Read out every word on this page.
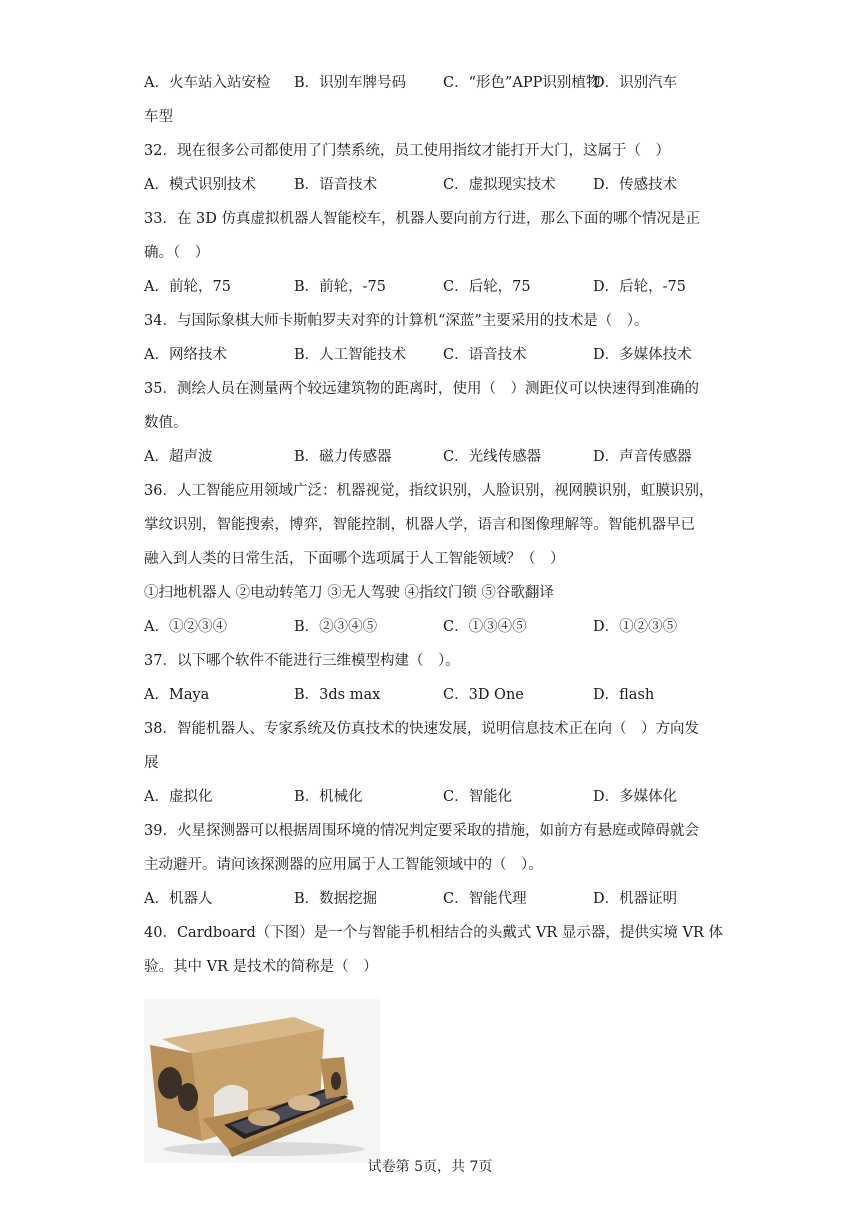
A．火车站入站安检 B．识别车牌号码	C．“形色”APP识别植物
D．识别汽车
车型
32．现在很多公司都使用了门禁系统，员工使用指纹才能打开大门，这属于（　）
A．模式识别技术	B．语音技术	C．虚拟现实技术	D．传感技术
33．在 3D 仿真虚拟机器人智能校车，机器人要向前方行进，那么下面的哪个情况是正
确。（　）
A．前轮，75	B．前轮，-75	C．后轮，75	D．后轮，-75
34．与国际象棋大师卡斯帕罗夫对弈的计算机“深蓝”主要采用的技术是（　）。
A．网络技术	B．人工智能技术	C．语音技术	D．多媒体技术
35．测绘人员在测量两个较远建筑物的距离时，使用（　）测距仪可以快速得到准确的
数值。
A．超声波	B．磁力传感器	C．光线传感器	D．声音传感器
36．人工智能应用领域广泛：机器视觉，指纹识别，人脸识别，视网膜识别，虹膜识别，
掌纹识别，智能搜索，博弈，智能控制，机器人学，语言和图像理解等。智能机器早已
融入到人类的日常生活，下面哪个选项属于人工智能领域？（　）
①扫地机器人 ②电动转笔刀 ③无人驾驶 ④指纹门锁 ⑤谷歌翻译
A．①②③④	B．②③④⑤	C．①③④⑤	D．①②③⑤
37．以下哪个软件不能进行三维模型构建（　）。
A．Maya	B．3ds max	C．3D One	D．flash
38．智能机器人、专家系统及仿真技术的快速发展，说明信息技术正在向（　）方向发
展
A．虚拟化	B．机械化	C．智能化	D．多媒体化
39．火星探测器可以根据周围环境的情况判定要采取的措施，如前方有悬庭或障碍就会
主动避开。请问该探测器的应用属于人工智能领域中的（　）。
A．机器人	B．数据挖掘	C．智能代理	D．机器证明
40．Cardboard（下图）是一个与智能手机相结合的头戴式 VR 显示器，提供实境 VR 体
验。其中 VR 是技术的简称是（　）
试卷第 5页，共 7页
